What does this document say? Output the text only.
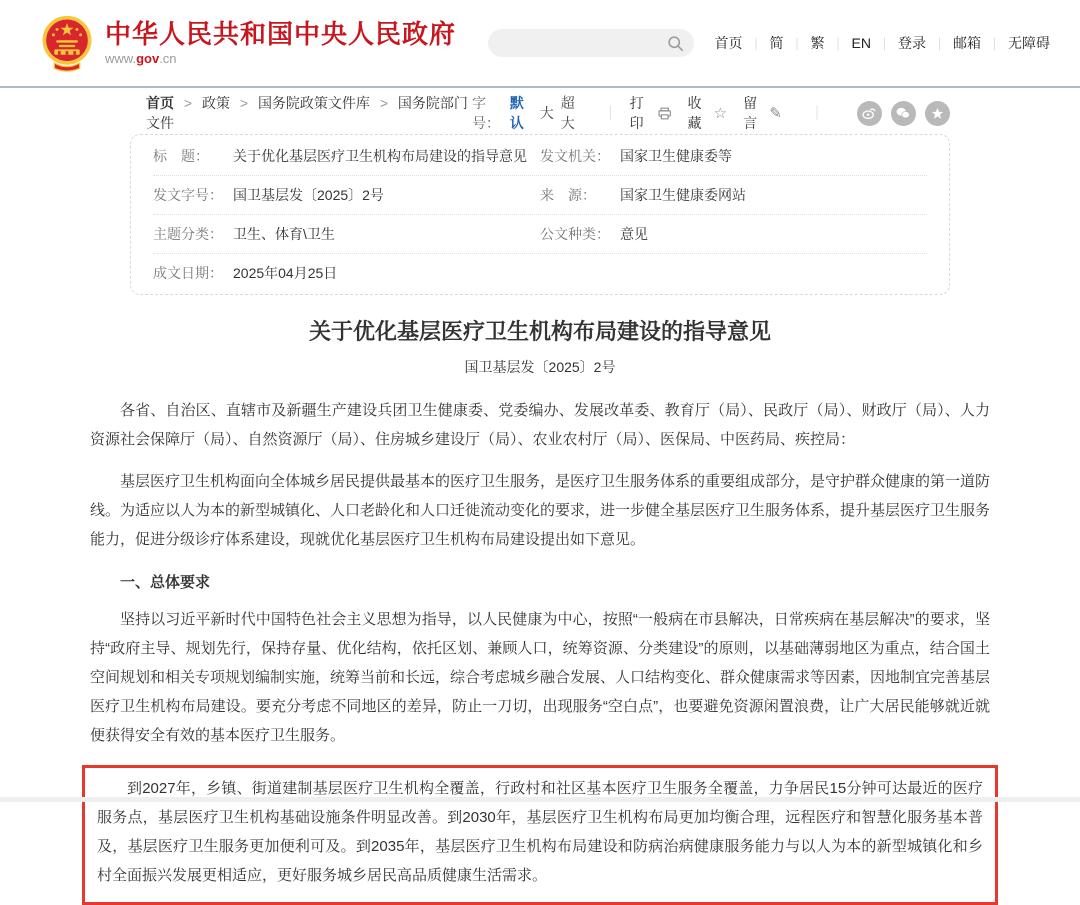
中华人民共和国中央人民政府
www.gov.cn
首页 ｜ 简 ｜ 繁 ｜ EN ｜ 登录 ｜ 邮箱 ｜ 无障碍
首页 > 政策 > 国务院政策文件库 > 国务院部门文件
字号：
默认
大
超大
｜
打印
收藏
☆
留言
✎ ｜
标　题：	关于优化基层医疗卫生机构布局建设的指导意见 发文机关： 国家卫生健康委等
发文字号： 国卫基层发〔2025〕2号	来　源：	国家卫生健康委网站
主题分类： 卫生、体育\卫生	公文种类： 意见
成文日期： 2025年04月25日
关于优化基层医疗卫生机构布局建设的指导意见
国卫基层发〔2025〕2号

各省、自治区、直辖市及新疆生产建设兵团卫生健康委、党委编办、发展改革委、教育厅（局）、民政厅（局）、财政厅（局）、人力资源社会保障厅（局）、自然资源厅（局）、住房城乡建设厅（局）、农业农村厅（局）、医保局、中医药局、疾控局：

基层医疗卫生机构面向全体城乡居民提供最基本的医疗卫生服务，是医疗卫生服务体系的重要组成部分，是守护群众健康的第一道防线。为适应以人为本的新型城镇化、人口老龄化和人口迁徙流动变化的要求，进一步健全基层医疗卫生服务体系，提升基层医疗卫生服务能力，促进分级诊疗体系建设，现就优化基层医疗卫生机构布局建设提出如下意见。

一、总体要求

坚持以习近平新时代中国特色社会主义思想为指导，以人民健康为中心，按照“一般病在市县解决，日常疾病在基层解决”的要求，坚持“政府主导、规划先行，保持存量、优化结构，依托区划、兼顾人口，统筹资源、分类建设”的原则，以基础薄弱地区为重点，结合国土空间规划和相关专项规划编制实施，统筹当前和长远，综合考虑城乡融合发展、人口结构变化、群众健康需求等因素，因地制宜完善基层医疗卫生机构布局建设。要充分考虑不同地区的差异，防止一刀切，出现服务“空白点”，也要避免资源闲置浪费，让广大居民能够就近就便获得安全有效的基本医疗卫生服务。

到2027年，乡镇、街道建制基层医疗卫生机构全覆盖，行政村和社区基本医疗卫生服务全覆盖，力争居民15分钟可达最近的医疗服务点，基层医疗卫生机构基础设施条件明显改善。到2030年，基层医疗卫生机构布局更加均衡合理，远程医疗和智慧化服务基本普及，基层医疗卫生服务更加便利可及。到2035年，基层医疗卫生机构布局建设和防病治病健康服务能力与以人为本的新型城镇化和乡村全面振兴发展更相适应，更好服务城乡居民高品质健康生活需求。
